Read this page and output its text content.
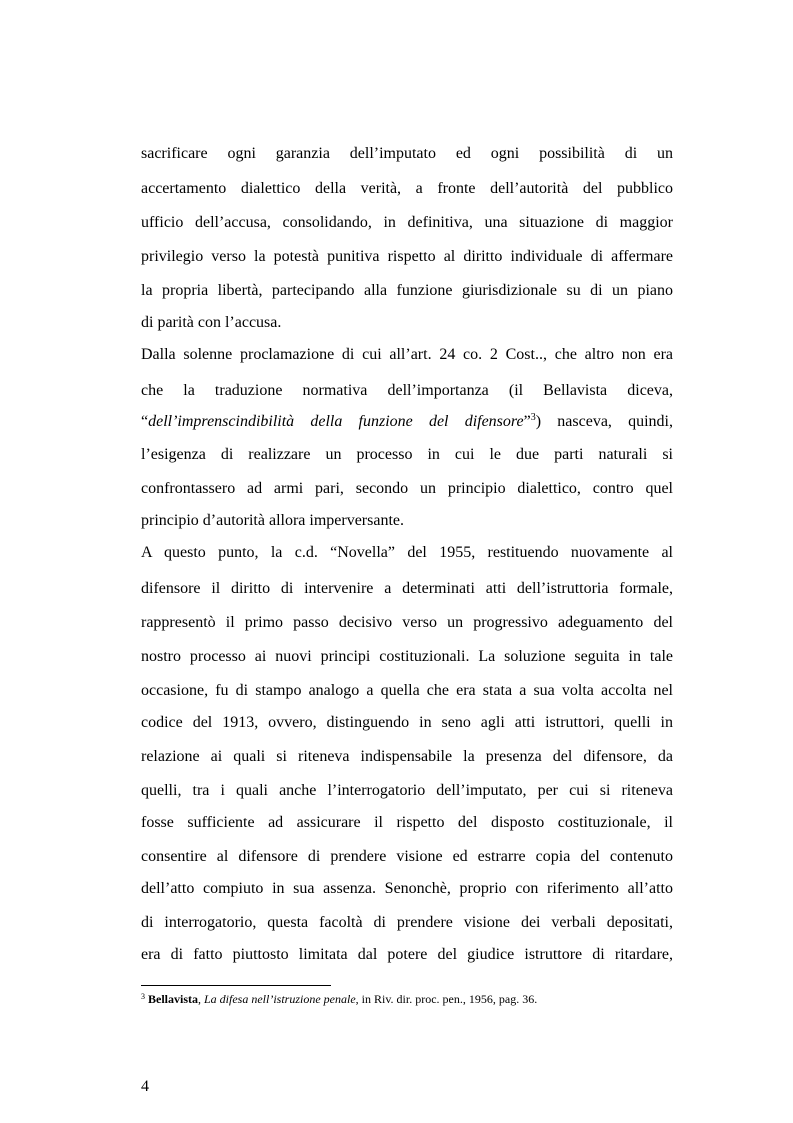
sacrificare ogni garanzia dell’imputato ed ogni possibilità di un
accertamento dialettico della verità, a fronte dell’autorità del pubblico
ufficio dell’accusa, consolidando, in definitiva, una situazione di maggior
privilegio verso la potestà punitiva rispetto al diritto individuale di affermare
la propria libertà, partecipando alla funzione giurisdizionale su di un piano
di parità con l’accusa.
Dalla solenne proclamazione di cui all’art. 24 co. 2 Cost.., che altro non era
che la traduzione normativa dell’importanza (il Bellavista diceva,
“dell’imprenscindibilità della funzione del difensore”$^3$) nasceva, quindi,
l’esigenza di realizzare un processo in cui le due parti naturali si
confrontassero ad armi pari, secondo un principio dialettico, contro quel
principio d’autorità allora imperversante.
A questo punto, la c.d. “Novella” del 1955, restituendo nuovamente al
difensore il diritto di intervenire a determinati atti dell’istruttoria formale,
rappresentò il primo passo decisivo verso un progressivo adeguamento del
nostro processo ai nuovi principi costituzionali. La soluzione seguita in tale
occasione, fu di stampo analogo a quella che era stata a sua volta accolta nel
codice del 1913, ovvero, distinguendo in seno agli atti istruttori, quelli in
relazione ai quali si riteneva indispensabile la presenza del difensore, da
quelli, tra i quali anche l’interrogatorio dell’imputato, per cui si riteneva
fosse sufficiente ad assicurare il rispetto del disposto costituzionale, il
consentire al difensore di prendere visione ed estrarre copia del contenuto
dell’atto compiuto in sua assenza. Senonchè, proprio con riferimento all’atto
di interrogatorio, questa facoltà di prendere visione dei verbali depositati,
era di fatto piuttosto limitata dal potere del giudice istruttore di ritardare,
$^3$ Bellavista, La difesa nell’istruzione penale, in Riv. dir. proc. pen., 1956, pag. 36.
4
